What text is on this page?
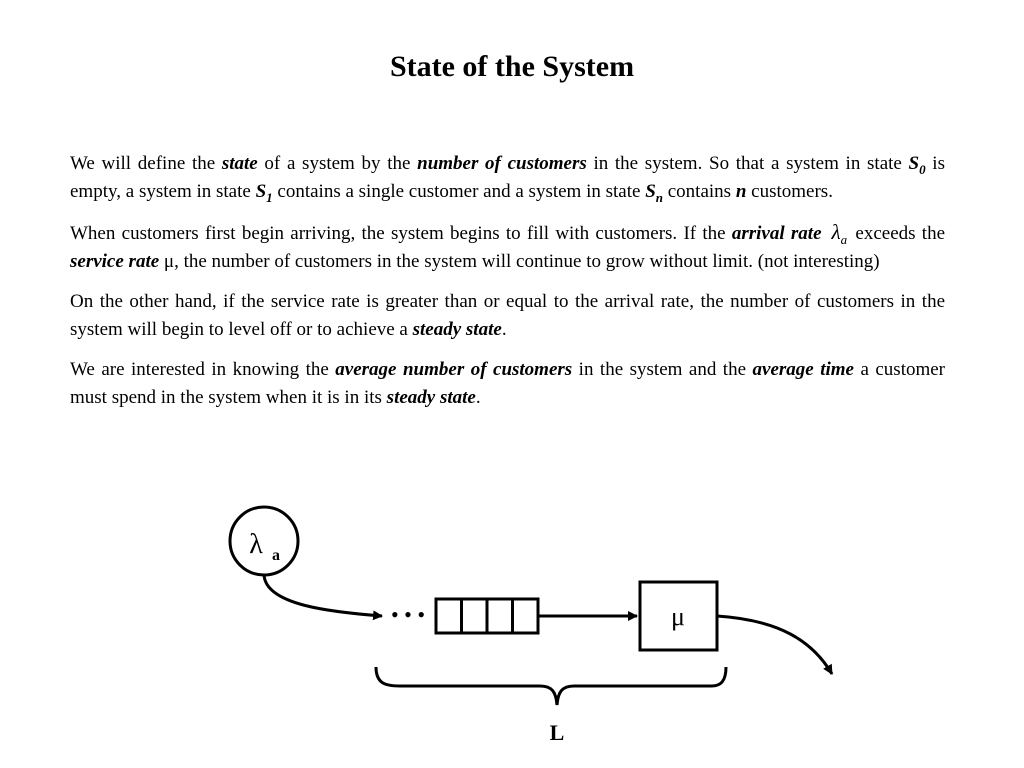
State of the System

We will define the state of a system by the number of customers in the system. So that a system in state $S_0$ is empty, a system in state $S_1$ contains a single customer and a system in state $S_n$ contains n customers.

When customers first begin arriving, the system begins to fill with customers. If the arrival rate $\lambda_a$ exceeds the service rate μ, the number of customers in the system will continue to grow without limit. (not interesting)

On the other hand, if the service rate is greater than or equal to the arrival rate, the number of customers in the system will begin to level off or to achieve a steady state.

We are interested in knowing the average number of customers in the system and the average time a customer must spend in the system when it is in its steady state.

λ a
• • •	μ
L
